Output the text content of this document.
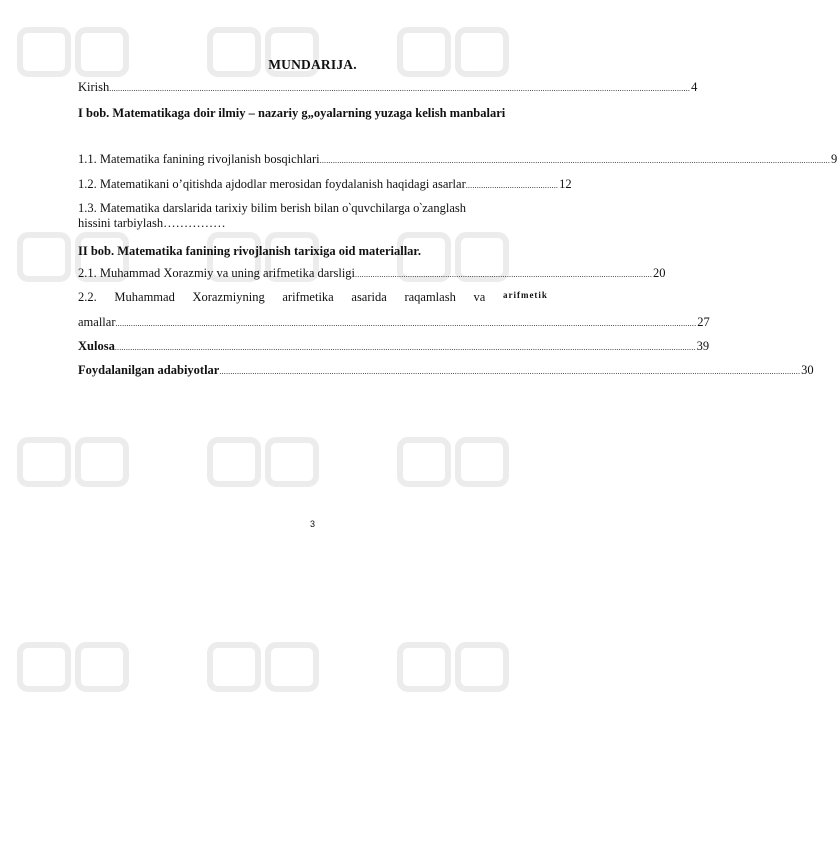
MUNDARIJA.
Kirish ........................................................................................................................................................................................................................................................................ 4
I bob. Matematikaga doir ilmiy – nazariy g„oyalarning yuzaga kelish manbalari
1.1. Matematika fanining rivojlanish bosqichlari ........................................................................................................................................................................................................................................ 9
1.2. Matematikani o’qitishda ajdodlar merosidan foydalanish haqidagi asarlar .......................................... 12
1.3. Matematika darslarida tarixiy bilim berish bilan o‵quvchilarga o‵zanglash
hissini tarbiylash……………
II bob. Matematika fanining rivojlanish tarixiga oid materiallar.
2.1. Muhammad Xorazmiy va uning arifmetika darsligi ....................................................................................................................................... 20
2.2. Muhammad Xorazmiyning arifmetika asarida raqamlash va arifmetik
amallar ........................................................................................................................................................................................................................................................................ 27
Xulosa ........................................................................................................................................................................................................................................................................ 39
Foydalanilgan adabiyotlar ........................................................................................................................................................................................................................................................................ 30
3
